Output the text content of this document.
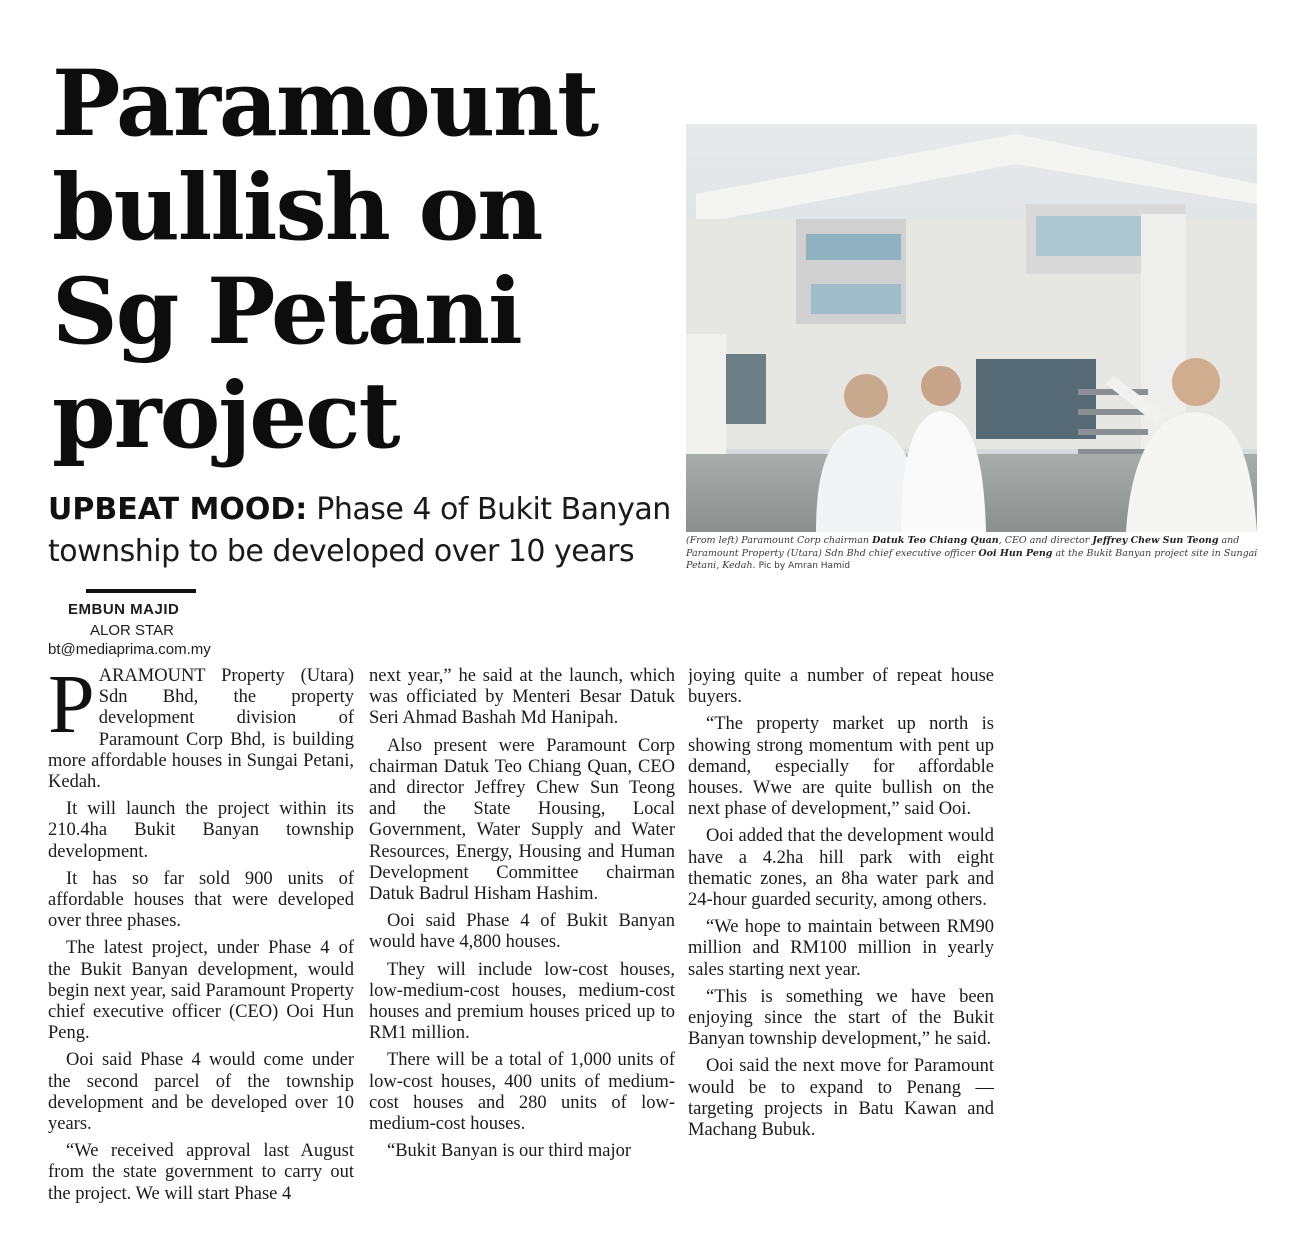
Paramount
bullish on
Sg Petani
project
UPBEAT MOOD: Phase 4 of Bukit Banyan
township to be developed over 10 years
EMBUN MAJID
ALOR STAR
bt@mediaprima.com.my
(From left) Paramount Corp chairman Datuk Teo Chiang Quan, CEO and director Jeffrey Chew Sun Teong and Paramount Property (Utara) Sdn Bhd chief executive officer Ooi Hun Peng at the Bukit Banyan project site in Sungai Petani, Kedah. Pic by Amran Hamid

PARAMOUNT Property (Utara) Sdn Bhd, the property development division of Paramount Corp Bhd, is building more affordable houses in Sungai Petani, Kedah.

It will launch the project within its 210.4ha Bukit Banyan township development.

It has so far sold 900 units of affordable houses that were developed over three phases.

The latest project, under Phase 4 of the Bukit Banyan development, would begin next year, said Paramount Property chief executive officer (CEO) Ooi Hun Peng.

Ooi said Phase 4 would come under the second parcel of the township development and be developed over 10 years.

“We received approval last August from the state government to carry out the project. We will start Phase 4

next year,” he said at the launch, which was officiated by Menteri Besar Datuk Seri Ahmad Bashah Md Hanipah.

Also present were Paramount Corp chairman Datuk Teo Chiang Quan, CEO and director Jeffrey Chew Sun Teong and the State Housing, Local Government, Water Supply and Water Resources, Energy, Housing and Human Development Committee chairman Datuk Badrul Hisham Hashim.

Ooi said Phase 4 of Bukit Banyan would have 4,800 houses.

They will include low-cost houses, low-medium-cost houses, medium-cost houses and premium houses priced up to RM1 million.

There will be a total of 1,000 units of low-cost houses, 400 units of medium-cost houses and 280 units of low-medium-cost houses.

“Bukit Banyan is our third major

joying quite a number of repeat house buyers.

“The property market up north is showing strong momentum with pent up demand, especially for affordable houses. Wwe are quite bullish on the next phase of development,” said Ooi.

Ooi added that the development would have a 4.2ha hill park with eight thematic zones, an 8ha water park and 24-hour guarded security, among others.

“We hope to maintain between RM90 million and RM100 million in yearly sales starting next year.

“This is something we have been enjoying since the start of the Bukit Banyan township development,” he said.

Ooi said the next move for Paramount would be to expand to Penang — targeting projects in Batu Kawan and Machang Bubuk.
